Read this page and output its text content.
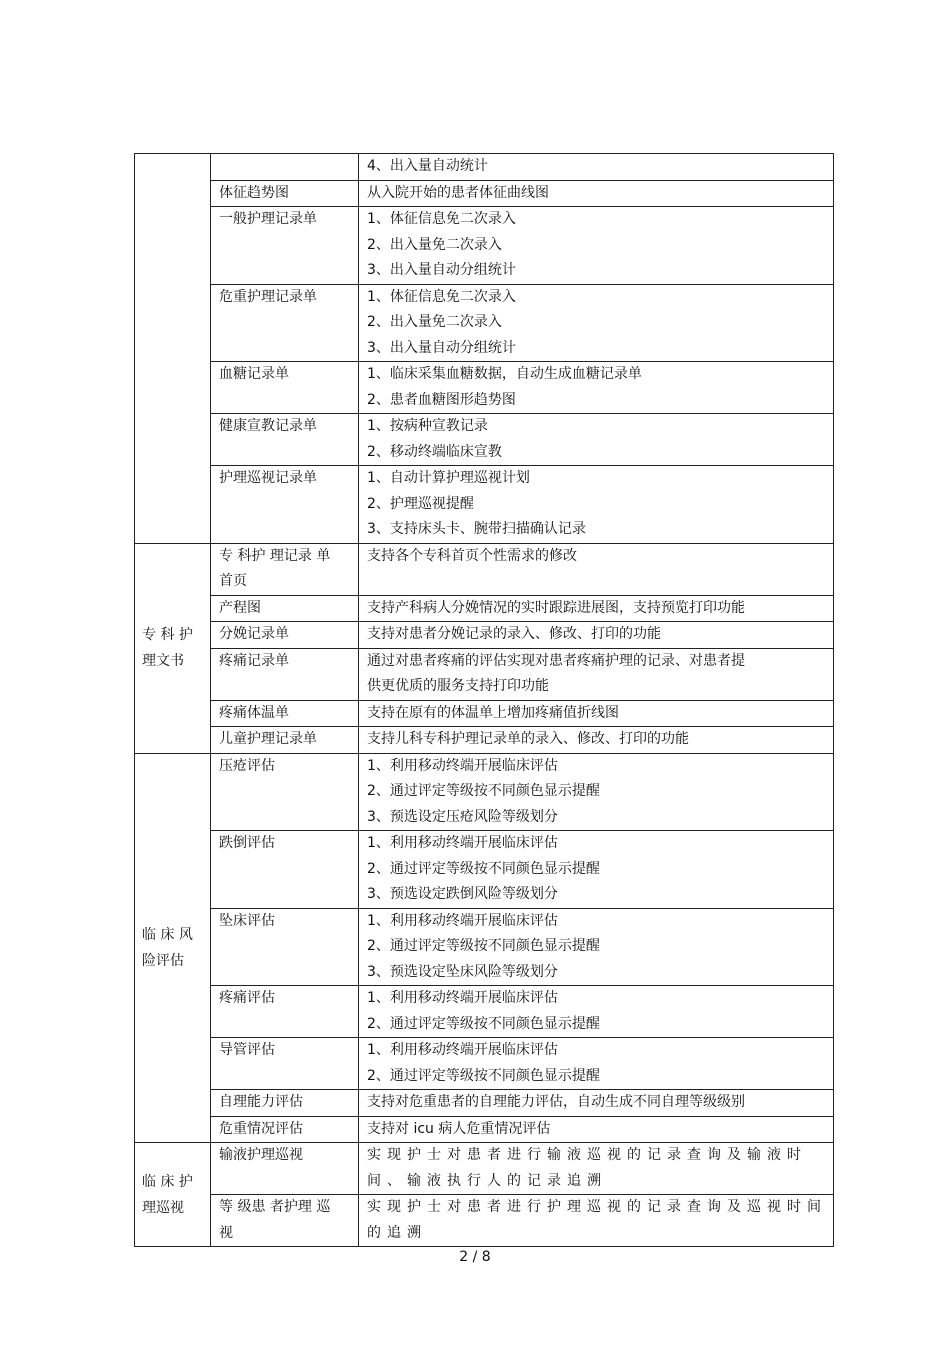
		4、出入量自动统计

	体征趋势图	从入院开始的患者体征曲线图

	一般护理记录单	1、体征信息免二次录入
2、出入量免二次录入
3、出入量自动分组统计

	危重护理记录单	1、体征信息免二次录入
2、出入量免二次录入
3、出入量自动分组统计

	血糖记录单	1、临床采集血糖数据，自动生成血糖记录单
2、患者血糖图形趋势图

	健康宣教记录单	1、按病种宣教记录
2、移动终端临床宣教

	护理巡视记录单	1、自动计算护理巡视计划
2、护理巡视提醒
3、支持床头卡、腕带扫描确认记录

专 科 护
理文书	专 科护 理记录 单
首页	支持各个专科首页个性需求的修改

	产程图	支持产科病人分娩情况的实时跟踪进展图，支持预览打印功能

	分娩记录单	支持对患者分娩记录的录入、修改、打印的功能

	疼痛记录单	通过对患者疼痛的评估实现对患者疼痛护理的记录、对患者提
供更优质的服务支持打印功能

	疼痛体温单	支持在原有的体温单上增加疼痛值折线图

	儿童护理记录单	支持儿科专科护理记录单的录入、修改、打印的功能

临 床 风
险评估	压疮评估	1、利用移动终端开展临床评估
2、通过评定等级按不同颜色显示提醒
3、预选设定压疮风险等级划分

	跌倒评估	1、利用移动终端开展临床评估
2、通过评定等级按不同颜色显示提醒
3、预选设定跌倒风险等级划分

	坠床评估	1、利用移动终端开展临床评估
2、通过评定等级按不同颜色显示提醒
3、预选设定坠床风险等级划分

	疼痛评估	1、利用移动终端开展临床评估
2、通过评定等级按不同颜色显示提醒

	导管评估	1、利用移动终端开展临床评估
2、通过评定等级按不同颜色显示提醒

	自理能力评估	支持对危重患者的自理能力评估，自动生成不同自理等级级别

	危重情况评估	支持对 icu 病人危重情况评估

临 床 护
理巡视	输液护理巡视	实现护士对患者进行输液巡视的记录查询及输液时
间、输液执行人的记录追溯

	等 级患 者护理 巡
视	实现护士对患者进行护理巡视的记录查询及巡视时间
的追溯
2 / 8
